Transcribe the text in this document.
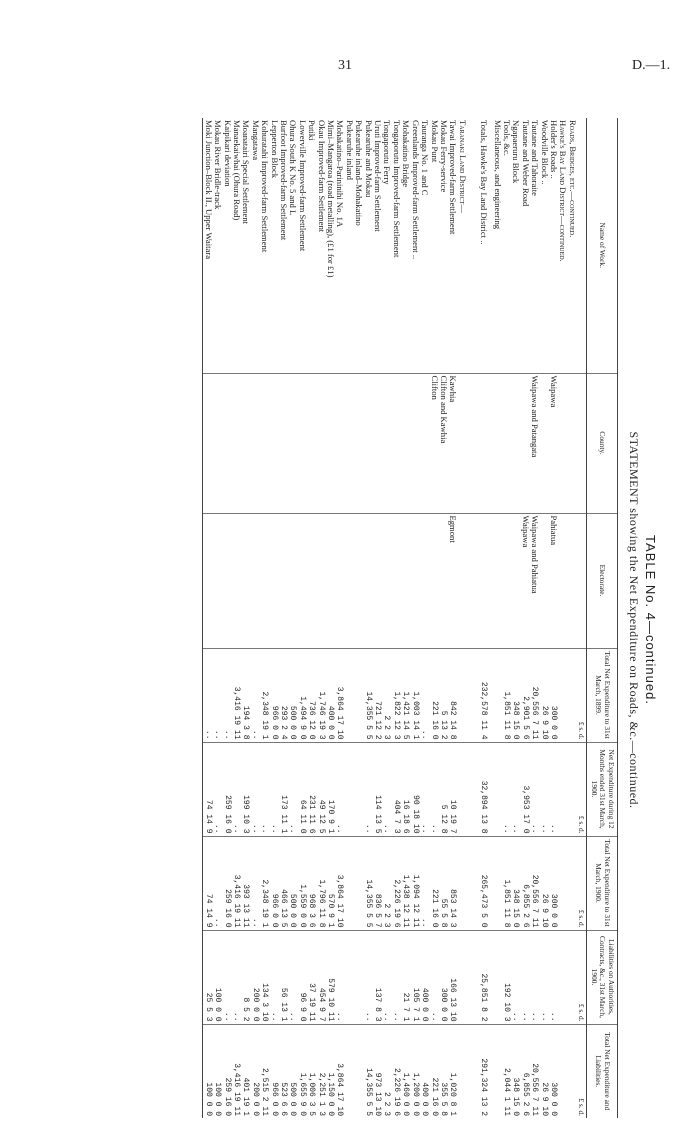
31	D.—1.
TABLE No. 4—continued.
STATEMENT showing the Net Expenditure on Roads, &c.—continued.
Name of Work.	County.	Electorate.	Total Net Expenditure to 31st March, 1899.	Net Expenditure during 12 Months ended 31st March, 1900.	Total Net Expenditure to 31st March, 1900.	Liabilities on Authorities, Contracts, &c., 31st March, 1900.	Total Net Expenditure and Liabilities.
			£ s. d.	£ s. d.	£ s. d.	£ s. d.	£ s. d.
Roads, Bridges, etc.—continued.							
Hawke's Bay Land District—continued.							
Holder's Roads ..	Waipawa	Pahiatua	300 0 0	..	300 0 0	..	300 0 0
Woodville Block ..			26 9 10	..	26 9 10	..	26 9 10
Tautane and Tahoraite	Waipawa and Patangata	Waipawa and Pahiatua	20,556 7 11	..	20,556 7 11	..	20,556 7 11
Tautane and Weber Road		Waipawa	2,901 5 6	3,953 17 0	6,855 2 6	..	6,855 2 6
Ngapaeruru Block			348 15 0	..	348 15 0	..	348 15 0
Tools, &c.			1,851 11 8	..	1,851 11 8	192 10 3	2,044 1 11
Miscellaneous, and engineering							
Totals, Hawke's Bay Land District ..			232,578 11 4	32,894 13 8	265,473 5 0	25,851 8 2	291,324 13 2
Taranaki Land District—							
Tawai Improved-farm Settlement	Kawhia	Egmont	842 14 8	10 19 7	853 14 3	166 13 10	1,020 8 1
Mokau Ferry-service	Clifton and Kawhia		5 13 2	5 12 8	55 5 8	300 0 0	355 5 8
Mokau Punt	Clifton		221 16 0	..	221 16 0	..	221 16 0
Tauranga No. 1 and C			..	..	..	400 0 0	400 0 0
Greenlands Improved-farm Settlement ..			1,003 14 1	90 18 10	1,094 12 11	105 7 1	1,200 0 0
Mohakatino Bridge			1,421 14 5	16 18 6	1,438 12 11	21 7 1	1,460 0 0
Tongaporutu Improved-farm Settlement			1,822 12 3	404 7 3	2,226 19 6	..	2,226 19 6
Tongaporutu Ferry			2 2 3	..	2 2 3	..	2 2 3
Uruti Improved-farm Settlement			721 12 2	114 13 5	836 5 7	137 8 3	973 13 10
Pukearuhe and Mokau			14,355 5 5	..	14,355 5 5	..	14,355 5 5
Pukearuhe inland–Mohakatino							
Pukearuhe inland							
Mohakatino–Parininihi No. 1A			3,864 17 10	..	3,864 17 10	..	3,864 17 10
Mimi–Mangaroa (road metalling), (£1 for £1)			400 0 0	170 9 1	570 9 1	579 10 11	1,150 0 0
Okau Improved-farm Settlement			1,746 19 3	49 12 5	1,796 11 8	454 9 7	2,251 1 3
Putiki			736 12 0	231 11 6	968 3 6	37 19 11	1,006 3 5
Lowerville Improved-farm Settlement			1,494 9 0	64 11 0	1,559 0 0	96 9 0	1,655 9 0
Ohura South K No. 5 and L			500 0 0	..	500 0 0	..	500 0 0
Burfoot Improved-farm Settlement			293 2 4	173 11 1	466 13 5	56 13 1	523 6 6
Lepperton Block			966 0 0	..	966 0 0	..	966 0 0
Kohuratahi Improved-farm Settlement			2,348 19 1	..	2,348 19 1	134 3 10	2,515 2 11
Mangatawa			..	..	..	200 0 0	200 0 0
Moanatairi Special Settlement			194 3 8	199 10 3	393 13 11	8 5 2	401 19 1
Manaekaiwhai (Ohura Road)			3,416 19 11	..	3,416 19 11	..	3,416 19 11
Kaipikari deviation			..	259 16 0	259 16 0	..	259 16 0
Mokau River Bridle-track			..	..	..	100 0 0	100 0 0
Moki Junction–Block II., Upper Waitara			..	74 14 9	74 14 9	25 5 3	100 0 0
